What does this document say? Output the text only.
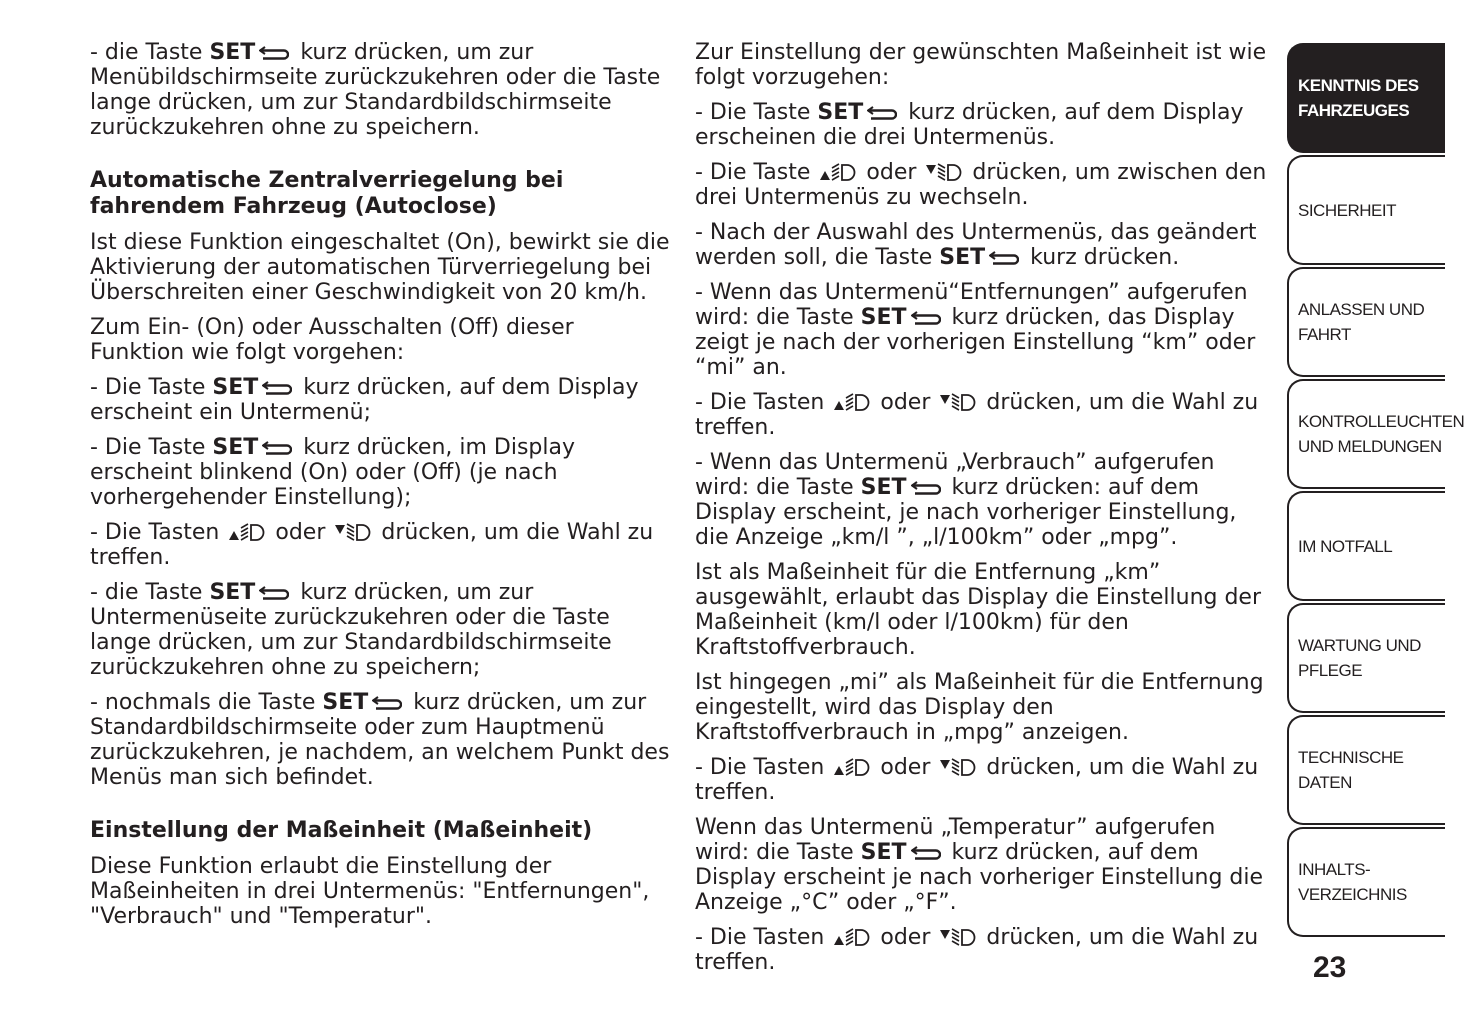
- die Taste SET kurz drücken, um zur Menübildschirmseite zurückzukehren oder die Taste lange drücken, um zur Standardbildschirmseite zurückzukehren ohne zu speichern.

Automatische Zentralverriegelung bei fahrendem Fahrzeug (Autoclose)

Ist diese Funktion eingeschaltet (On), bewirkt sie die Aktivierung der automatischen Türverriegelung bei Überschreiten einer Geschwindigkeit von 20 km/h.

Zum Ein- (On) oder Ausschalten (Off) dieser Funktion wie folgt vorgehen:

- Die Taste SET kurz drücken, auf dem Display erscheint ein Untermenü;

- Die Taste SET kurz drücken, im Display erscheint blinkend (On) oder (Off) (je nach vorhergehender Einstellung);

- Die Tasten  oder  drücken, um die Wahl zu treffen.

- die Taste SET kurz drücken, um zur Untermenüseite zurückzukehren oder die Taste lange drücken, um zur Standardbildschirmseite zurückzukehren ohne zu speichern;

- nochmals die Taste SET kurz drücken, um zur Standardbildschirmseite oder zum Hauptmenü zurückzukehren, je nachdem, an welchem Punkt des Menüs man sich befindet.

Einstellung der Maßeinheit (Maßeinheit)

Diese Funktion erlaubt die Einstellung der Maßeinheiten in drei Untermenüs: "Entfernungen", "Verbrauch" und "Temperatur".

Zur Einstellung der gewünschten Maßeinheit ist wie folgt vorzugehen:

- Die Taste SET kurz drücken, auf dem Display erscheinen die drei Untermenüs.

- Die Taste  oder  drücken, um zwischen den drei Untermenüs zu wechseln.

- Nach der Auswahl des Untermenüs, das geändert werden soll, die Taste SET kurz drücken.

- Wenn das Untermenü“Entfernungen” aufgerufen wird: die Taste SET kurz drücken, das Display zeigt je nach der vorherigen Einstellung “km” oder “mi” an.

- Die Tasten  oder  drücken, um die Wahl zu treffen.

- Wenn das Untermenü „Verbrauch” aufgerufen wird: die Taste SET kurz drücken: auf dem Display erscheint, je nach vorheriger Einstellung, die Anzeige „km/l ”, „l/100km” oder „mpg”.

Ist als Maßeinheit für die Entfernung „km” ausgewählt, erlaubt das Display die Einstellung der Maßeinheit (km/l oder l/100km) für den Kraftstoffverbrauch.

Ist hingegen „mi” als Maßeinheit für die Entfernung eingestellt, wird das Display den Kraftstoffverbrauch in „mpg” anzeigen.

- Die Tasten  oder  drücken, um die Wahl zu treffen.

Wenn das Untermenü „Temperatur” aufgerufen wird: die Taste SET kurz drücken, auf dem Display erscheint je nach vorheriger Einstellung die Anzeige „°C” oder „°F”.

- Die Tasten  oder  drücken, um die Wahl zu treffen.

KENNTNIS DES
FAHRZEUGES
SICHERHEIT
ANLASSEN UND
FAHRT
KONTROLLEUCHTEN
UND MELDUNGEN
IM NOTFALL
WARTUNG UND
PFLEGE
TECHNISCHE DATEN
INHALTS-
VERZEICHNIS
23
